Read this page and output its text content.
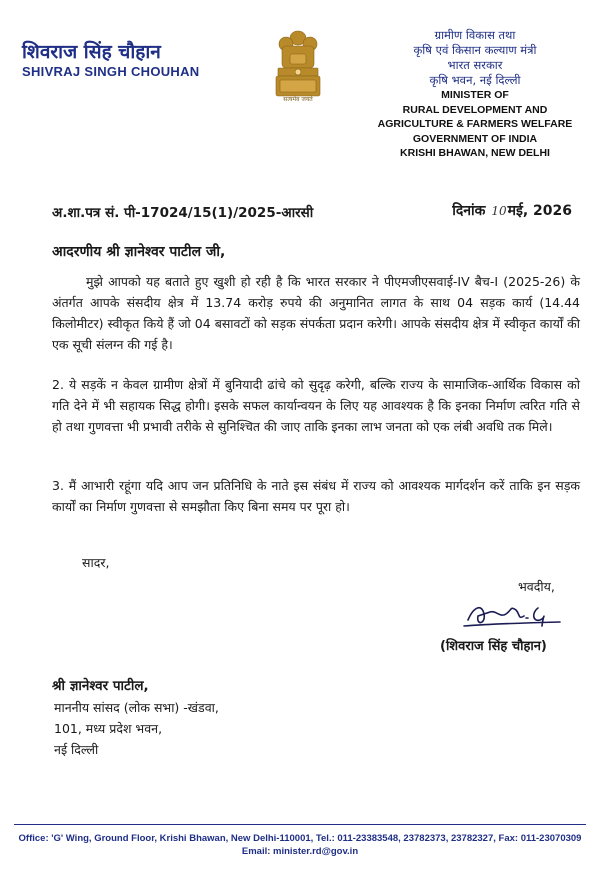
शिवराज सिंह चौहान
SHIVRAJ SINGH CHOUHAN
सत्यमेव जयते
ग्रामीण विकास तथा
कृषि एवं किसान कल्याण मंत्री
भारत सरकार
कृषि भवन, नई दिल्ली
MINISTER OF
RURAL DEVELOPMENT AND
AGRICULTURE & FARMERS WELFARE
GOVERNMENT OF INDIA
KRISHI BHAWAN, NEW DELHI
अ.शा.पत्र सं. पी-17024/15(1)/2025-आरसी	दिनांक 10मई, 2026
आदरणीय श्री ज्ञानेश्वर पाटील जी,
मुझे आपको यह बताते हुए खुशी हो रही है कि भारत सरकार ने पीएमजीएसवाई-IV बैच-I (2025-26) के अंतर्गत आपके संसदीय क्षेत्र में 13.74 करोड़ रुपये की अनुमानित लागत के साथ 04 सड़क कार्य (14.44 किलोमीटर) स्वीकृत किये हैं जो 04 बसावटों को सड़क संपर्कता प्रदान करेगी। आपके संसदीय क्षेत्र में स्वीकृत कार्यों की एक सूची संलग्न की गई है।
2. ये सड़कें न केवल ग्रामीण क्षेत्रों में बुनियादी ढांचे को सुदृढ़ करेगी, बल्कि राज्य के सामाजिक-आर्थिक विकास को गति देने में भी सहायक सिद्ध होगी। इसके सफल कार्यान्वयन के लिए यह आवश्यक है कि इनका निर्माण त्वरित गति से हो तथा गुणवत्ता भी प्रभावी तरीके से सुनिश्चित की जाए ताकि इनका लाभ जनता को एक लंबी अवधि तक मिले।
3. मैं आभारी रहूंगा यदि आप जन प्रतिनिधि के नाते इस संबंध में राज्य को आवश्यक मार्गदर्शन करें ताकि इन सड़क कार्यों का निर्माण गुणवत्ता से समझौता किए बिना समय पर पूरा हो।
सादर,
भवदीय,
(शिवराज सिंह चौहान)
श्री ज्ञानेश्वर पाटील,
माननीय सांसद (लोक सभा) -खंडवा,
101, मध्य प्रदेश भवन,
नई दिल्ली
Office: 'G' Wing, Ground Floor, Krishi Bhawan, New Delhi-110001, Tel.: 011-23383548, 23782373, 23782327, Fax: 011-23070309
Email: minister.rd@gov.in
